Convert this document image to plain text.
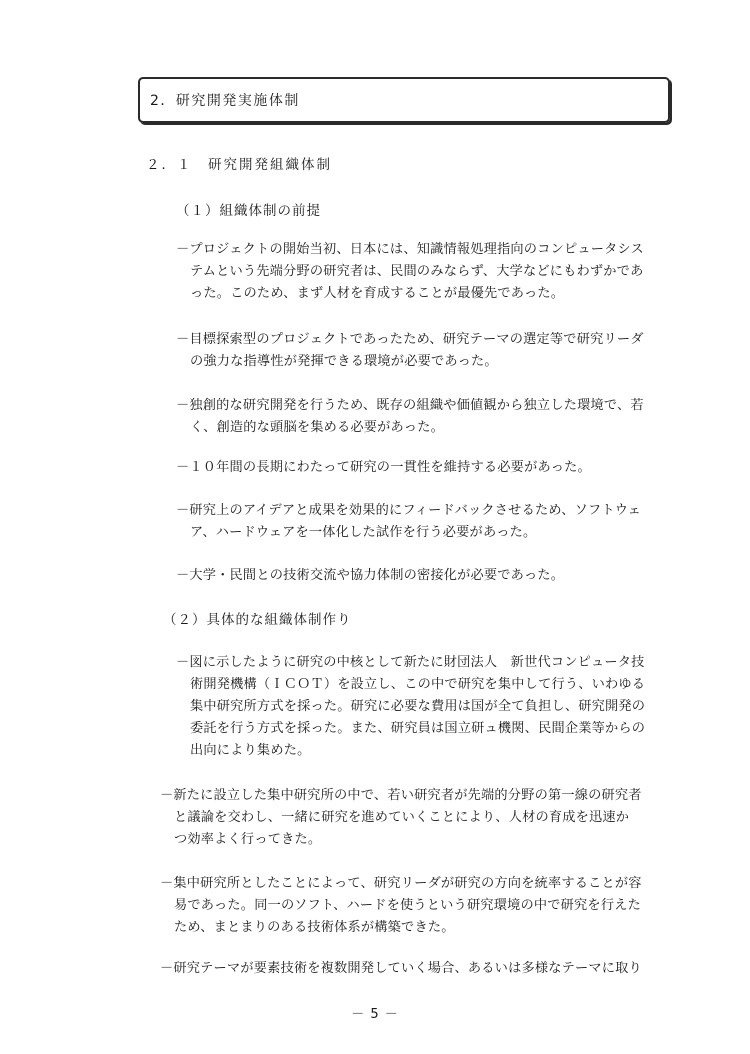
2．研究開発実施体制
２．１　研究開発組織体制
（１）組織体制の前提
－プロジェクトの開始当初、日本には、知識情報処理指向のコンピュータシス
テムという先端分野の研究者は、民間のみならず、大学などにもわずかであ
った。このため、まず人材を育成することが最優先であった。
－目標探索型のプロジェクトであったため、研究テーマの選定等で研究リーダ
の強力な指導性が発揮できる環境が必要であった。
－独創的な研究開発を行うため、既存の組織や価値観から独立した環境で、若
く、創造的な頭脳を集める必要があった。
－１０年間の長期にわたって研究の一貫性を維持する必要があった。
－研究上のアイデアと成果を効果的にフィードバックさせるため、ソフトウェ
ア、ハードウェアを一体化した試作を行う必要があった。
－大学・民間との技術交流や協力体制の密接化が必要であった。
（２）具体的な組織体制作り
－図に示したように研究の中核として新たに財団法人　新世代コンピュータ技
術開発機構（ＩＣＯＴ）を設立し、この中で研究を集中して行う、いわゆる
集中研究所方式を採った。研究に必要な費用は国が全て負担し、研究開発の
委託を行う方式を採った。また、研究員は国立研ュ機関、民間企業等からの
出向により集めた。
－新たに設立した集中研究所の中で、若い研究者が先端的分野の第一線の研究者
と議論を交わし、一緒に研究を進めていくことにより、人材の育成を迅速か
つ効率よく行ってきた。
－集中研究所としたことによって、研究リーダが研究の方向を統率することが容
易であった。同一のソフト、ハードを使うという研究環境の中で研究を行えた
ため、まとまりのある技術体系が構築できた。
－研究テーマが要素技術を複数開発していく場合、あるいは多様なテーマに取り
－ 5 －
